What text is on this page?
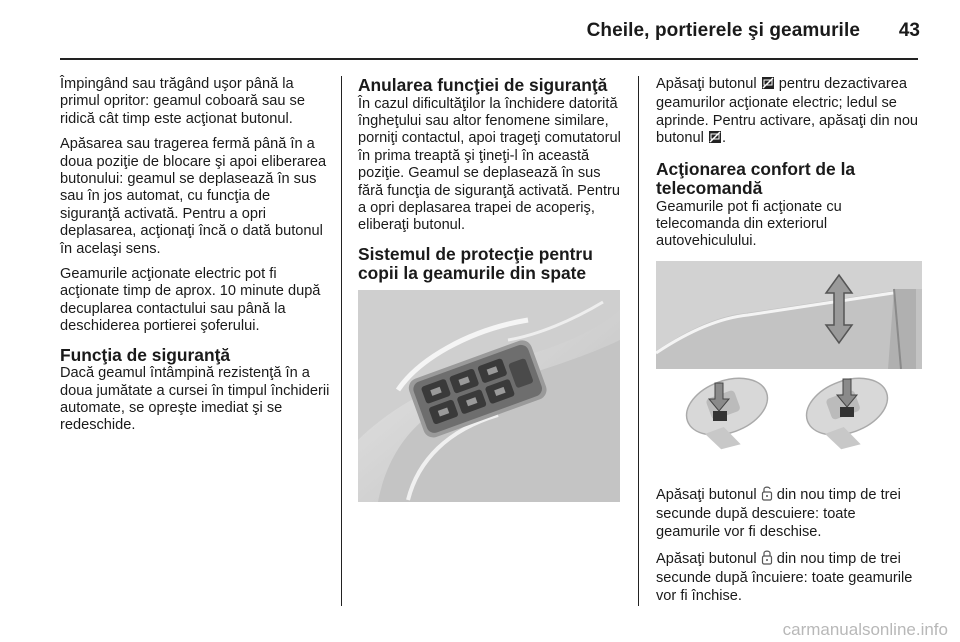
Cheile, portierele şi geamurile 43

Împingând sau trăgând uşor până la primul opritor: geamul coboară sau se ridică cât timp este acţionat butonul.

Apăsarea sau tragerea fermă până în a doua poziţie de blocare şi apoi eliberarea butonului: geamul se deplasează în sus sau în jos automat, cu funcţia de siguranţă activată. Pentru a opri deplasarea, acţionaţi încă o dată butonul în acelaşi sens.

Geamurile acţionate electric pot fi acţionate timp de aprox. 10 minute după decuplarea contactului sau până la deschiderea portierei şoferului.

Funcţia de siguranţă

Dacă geamul întâmpină rezistenţă în a doua jumătate a cursei în timpul închiderii automate, se opreşte imediat şi se redeschide.

Anularea funcţiei de siguranţă

În cazul dificultăţilor la închidere datorită îngheţului sau altor fenomene similare, porniţi contactul, apoi trageţi comutatorul în prima treaptă şi ţineţi-l în această poziţie. Geamul se deplasează în sus fără funcţia de siguranţă activată. Pentru a opri deplasarea trapei de acoperiş, eliberaţi butonul.

Sistemul de protecţie pentru copii la geamurile din spate

Apăsaţi butonul pentru dezactivarea geamurilor acţionate electric; ledul se aprinde. Pentru activare, apăsaţi din nou butonul .

Acţionarea confort de la telecomandă

Geamurile pot fi acţionate cu telecomanda din exteriorul autovehiculului.

Apăsaţi butonul din nou timp de trei secunde după descuiere: toate geamurile vor fi deschise.

Apăsaţi butonul din nou timp de trei secunde după încuiere: toate geamurile vor fi închise.

carmanualsonline.info
